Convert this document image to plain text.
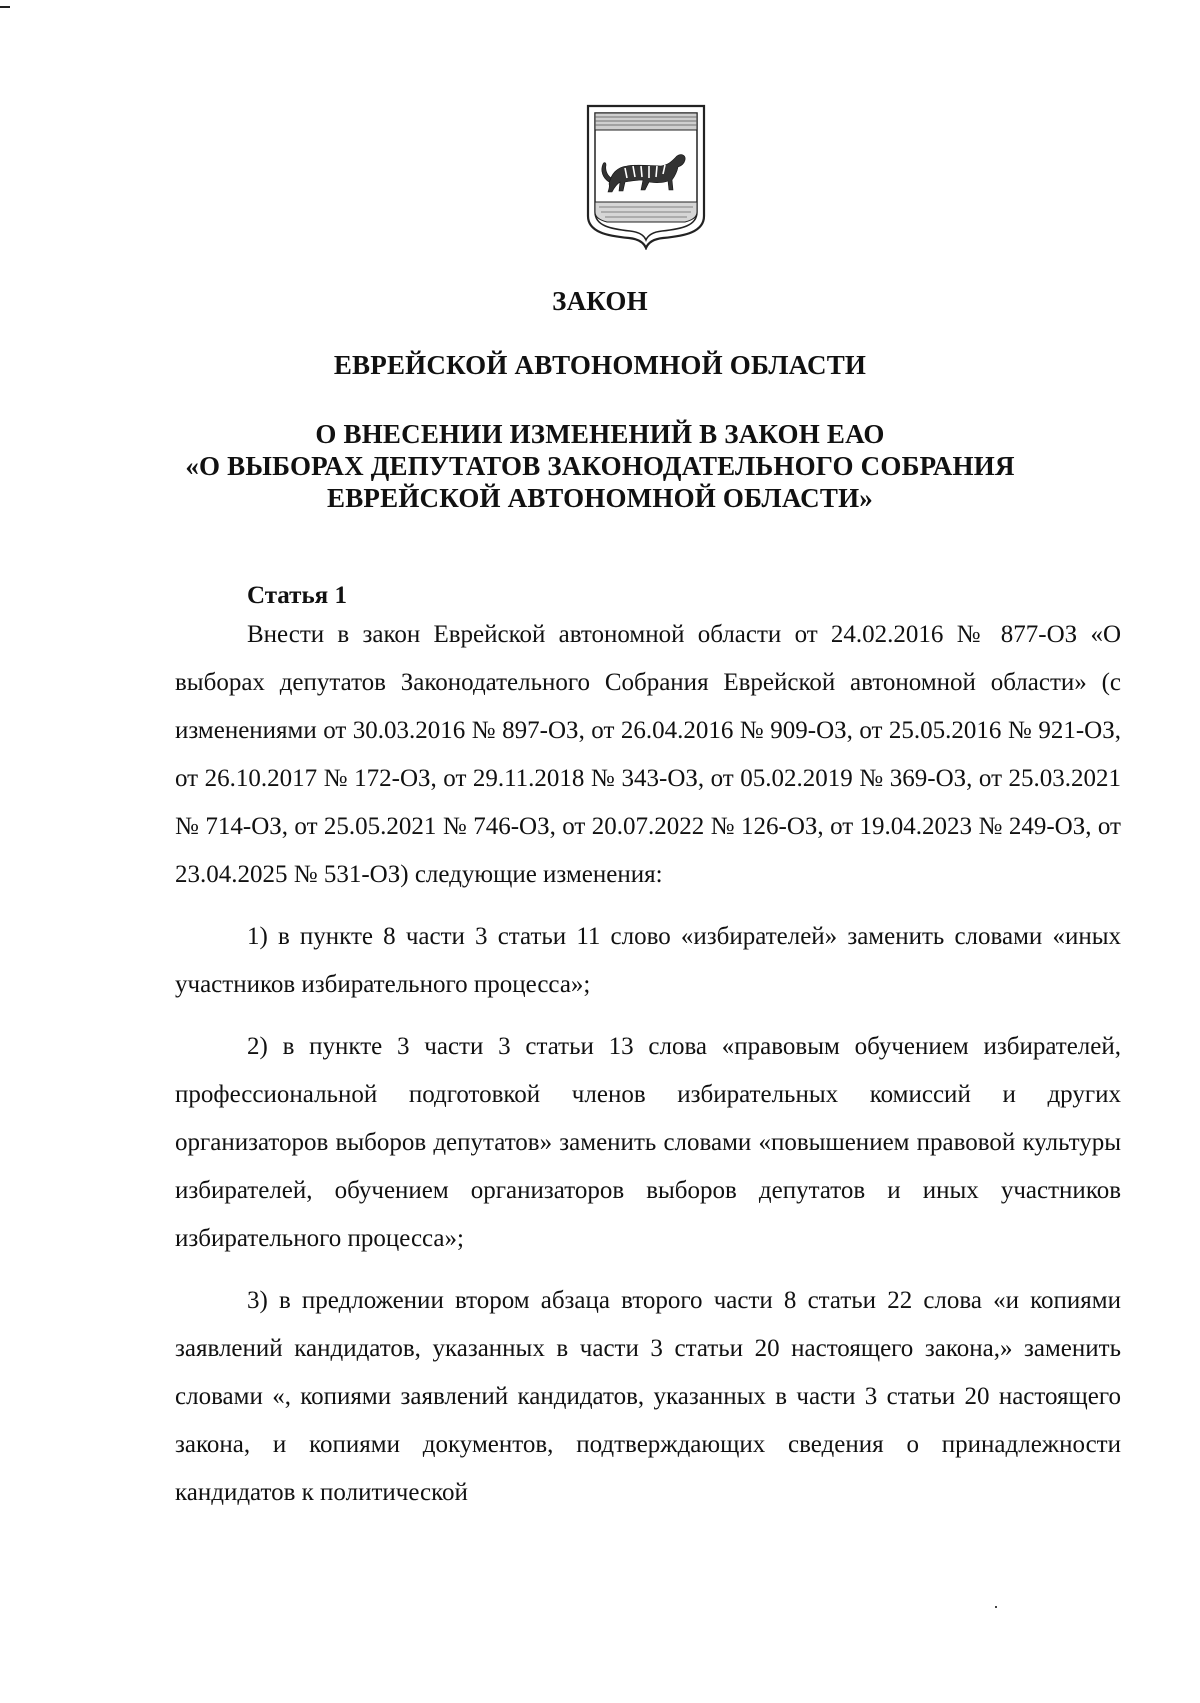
ЗАКОН
ЕВРЕЙСКОЙ АВТОНОМНОЙ ОБЛАСТИ
О ВНЕСЕНИИ ИЗМЕНЕНИЙ В ЗАКОН ЕАО
«О ВЫБОРАХ ДЕПУТАТОВ ЗАКОНОДАТЕЛЬНОГО СОБРАНИЯ
ЕВРЕЙСКОЙ АВТОНОМНОЙ ОБЛАСТИ»
Статья 1

Внести в закон Еврейской автономной области от 24.02.2016 № 877-ОЗ «О выборах депутатов Законодательного Собрания Еврейской автономной области» (с изменениями от 30.03.2016 № 897-ОЗ, от 26.04.2016 № 909-ОЗ, от 25.05.2016 № 921-ОЗ, от 26.10.2017 № 172-ОЗ, от 29.11.2018 № 343-ОЗ, от 05.02.2019 № 369-ОЗ, от 25.03.2021 № 714-ОЗ, от 25.05.2021 № 746-ОЗ, от 20.07.2022 № 126-ОЗ, от 19.04.2023 № 249-ОЗ, от 23.04.2025 № 531-ОЗ) следующие изменения:

1) в пункте 8 части 3 статьи 11 слово «избирателей» заменить словами «иных участников избирательного процесса»;

2) в пункте 3 части 3 статьи 13 слова «правовым обучением избирателей, профессиональной подготовкой членов избирательных комиссий и других организаторов выборов депутатов» заменить словами «повышением правовой культуры избирателей, обучением организаторов выборов депутатов и иных участников избирательного процесса»;

3) в предложении втором абзаца второго части 8 статьи 22 слова «и копиями заявлений кандидатов, указанных в части 3 статьи 20 настоящего закона,» заменить словами «, копиями заявлений кандидатов, указанных в части 3 статьи 20 настоящего закона, и копиями документов, подтверждающих сведения о принадлежности кандидатов к политической
